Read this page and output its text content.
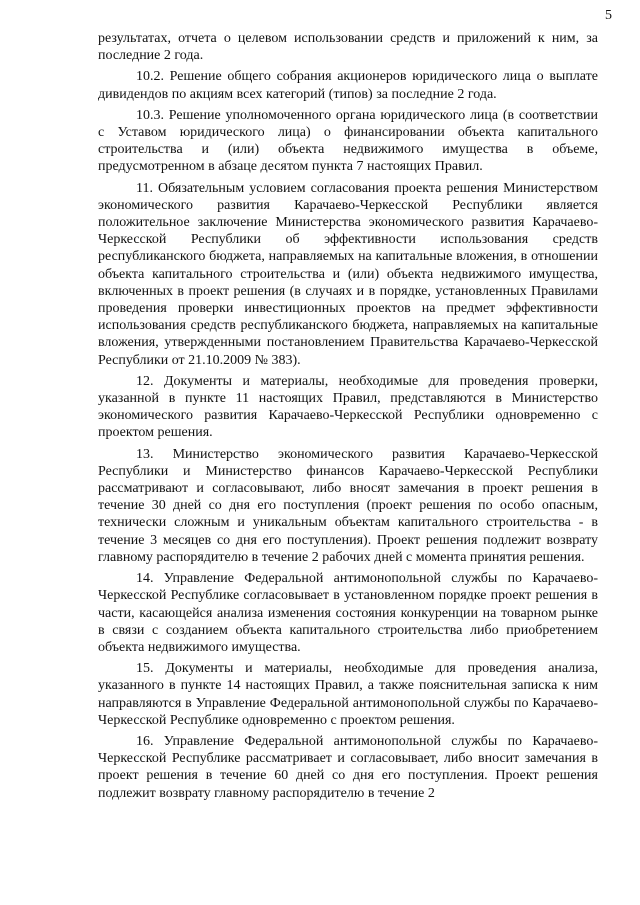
5

результатах, отчета о целевом использовании средств и приложений к ним, за последние 2 года.

10.2. Решение общего собрания акционеров юридического лица о выплате дивидендов по акциям всех категорий (типов) за последние 2 года.

10.3. Решение уполномоченного органа юридического лица (в соответствии с Уставом юридического лица) о финансировании объекта капитального строительства и (или) объекта недвижимого имущества в объеме, предусмотренном в абзаце десятом пункта 7 настоящих Правил.

11. Обязательным условием согласования проекта решения Министерством экономического развития Карачаево-Черкесской Республики является положительное заключение Министерства экономического развития Карачаево-Черкесской Республики об эффективности использования средств республиканского бюджета, направляемых на капитальные вложения, в отношении объекта капитального строительства и (или) объекта недвижимого имущества, включенных в проект решения (в случаях и в порядке, установленных Правилами проведения проверки инвестиционных проектов на предмет эффективности использования средств республиканского бюджета, направляемых на капитальные вложения, утвержденными постановлением Правительства Карачаево-Черкесской Республики от 21.10.2009 № 383).

12. Документы и материалы, необходимые для проведения проверки, указанной в пункте 11 настоящих Правил, представляются в Министерство экономического развития Карачаево-Черкесской Республики одновременно с проектом решения.

13. Министерство экономического развития Карачаево-Черкесской Республики и Министерство финансов Карачаево-Черкесской Республики рассматривают и согласовывают, либо вносят замечания в проект решения в течение 30 дней со дня его поступления (проект решения по особо опасным, технически сложным и уникальным объектам капитального строительства - в течение 3 месяцев со дня его поступления). Проект решения подлежит возврату главному распорядителю в течение 2 рабочих дней с момента принятия решения.

14. Управление Федеральной антимонопольной службы по Карачаево-Черкесской Республике согласовывает в установленном порядке проект решения в части, касающейся анализа изменения состояния конкуренции на товарном рынке в связи с созданием объекта капитального строительства либо приобретением объекта недвижимого имущества.

15. Документы и материалы, необходимые для проведения анализа, указанного в пункте 14 настоящих Правил, а также пояснительная записка к ним направляются в Управление Федеральной антимонопольной службы по Карачаево-Черкесской Республике одновременно с проектом решения.

16. Управление Федеральной антимонопольной службы по Карачаево-Черкесской Республике рассматривает и согласовывает, либо вносит замечания в проект решения в течение 60 дней со дня его поступления. Проект решения подлежит возврату главному распорядителю в течение 2
